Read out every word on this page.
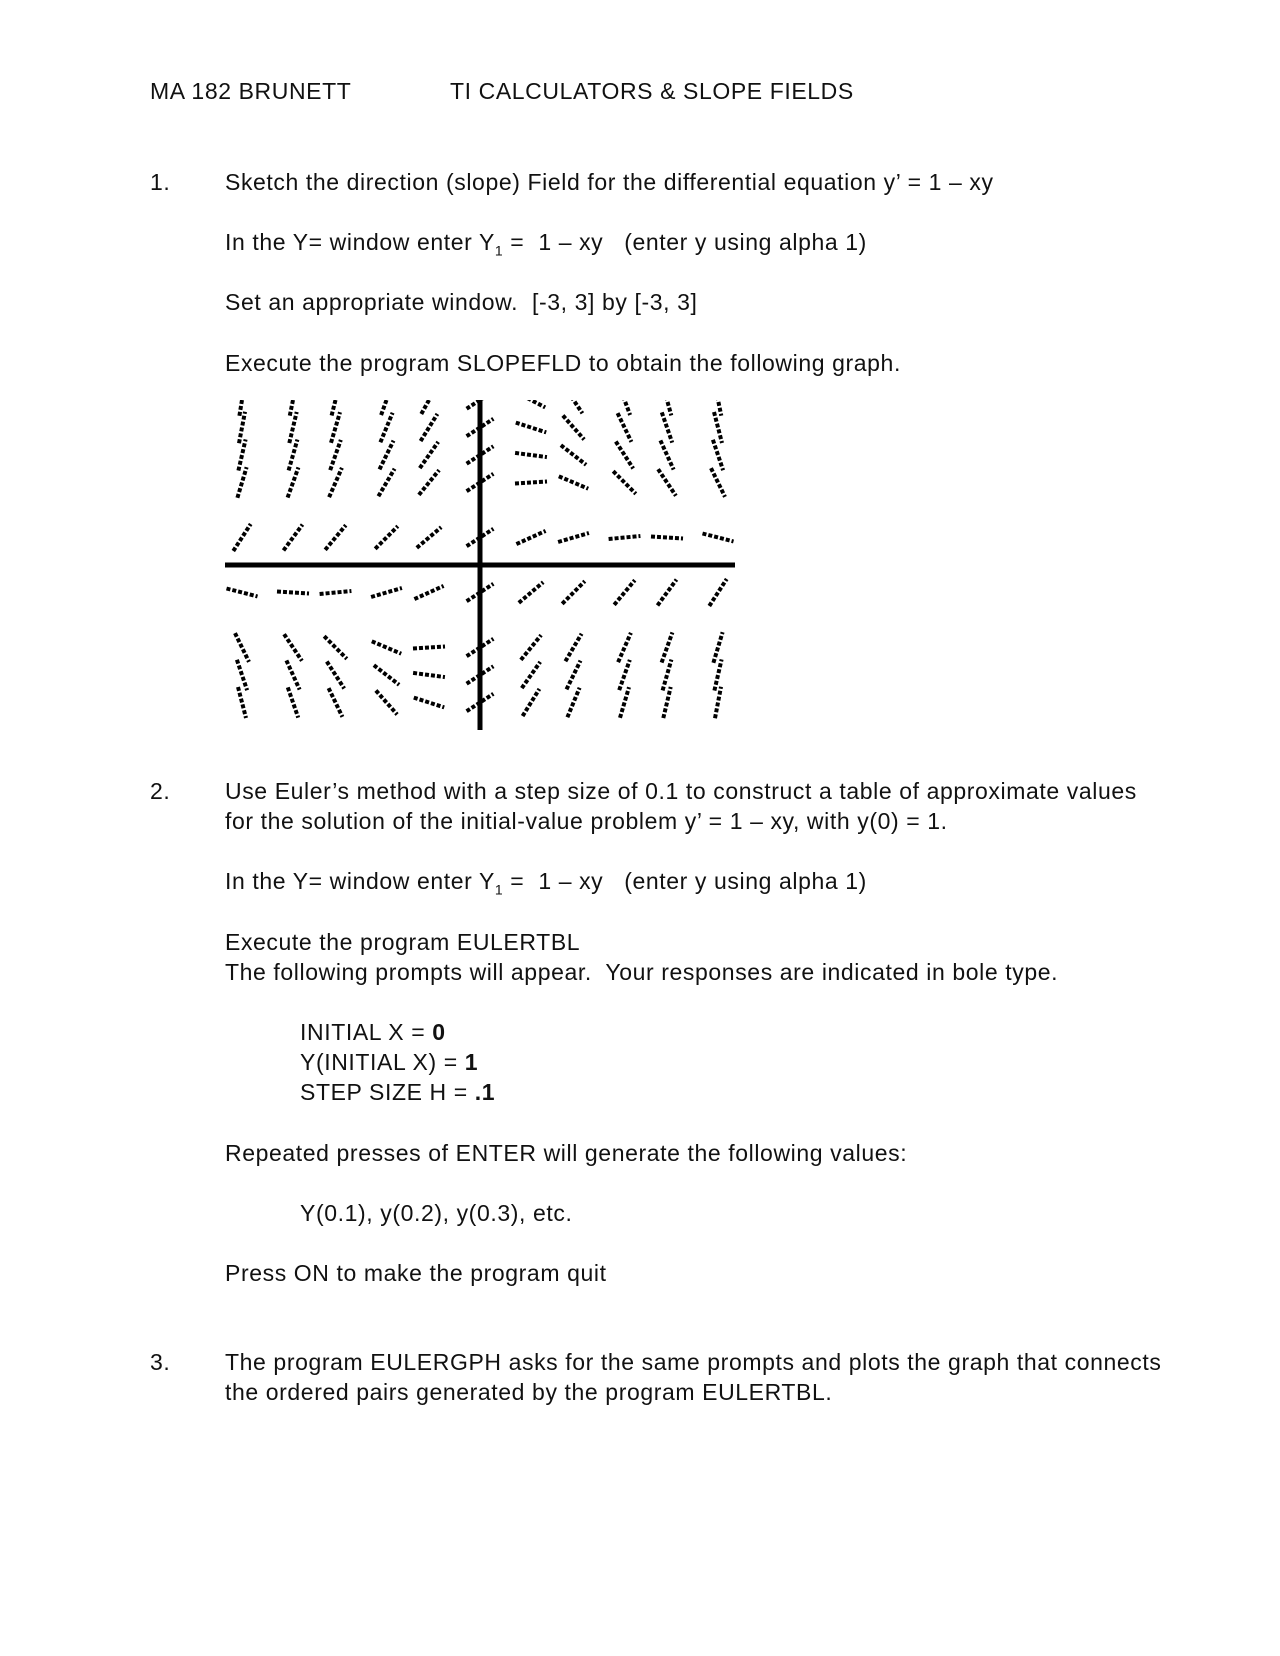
MA 182 BRUNETT	TI CALCULATORS & SLOPE FIELDS
1. Sketch the direction (slope) Field for the differential equation y’ = 1 – xy
In the Y= window enter $Y_1 = 1$ – xy   (enter y using alpha 1)
Set an appropriate window.  [-3, 3] by [-3, 3]
Execute the program SLOPEFLD to obtain the following graph.
2. Use Euler’s method with a step size of 0.1 to construct a table of approximate values
for the solution of the initial-value problem y’ = 1 – xy, with y(0) = 1.
In the Y= window enter $Y_1 = 1$ – xy   (enter y using alpha 1)
Execute the program EULERTBL
The following prompts will appear.  Your responses are indicated in bole type.
INITIAL X = 0
Y(INITIAL X) = 1
STEP SIZE H = .1
Repeated presses of ENTER will generate the following values:
Y(0.1), y(0.2), y(0.3), etc.
Press ON to make the program quit
3. The program EULERGPH asks for the same prompts and plots the graph that connects
the ordered pairs generated by the program EULERTBL.
